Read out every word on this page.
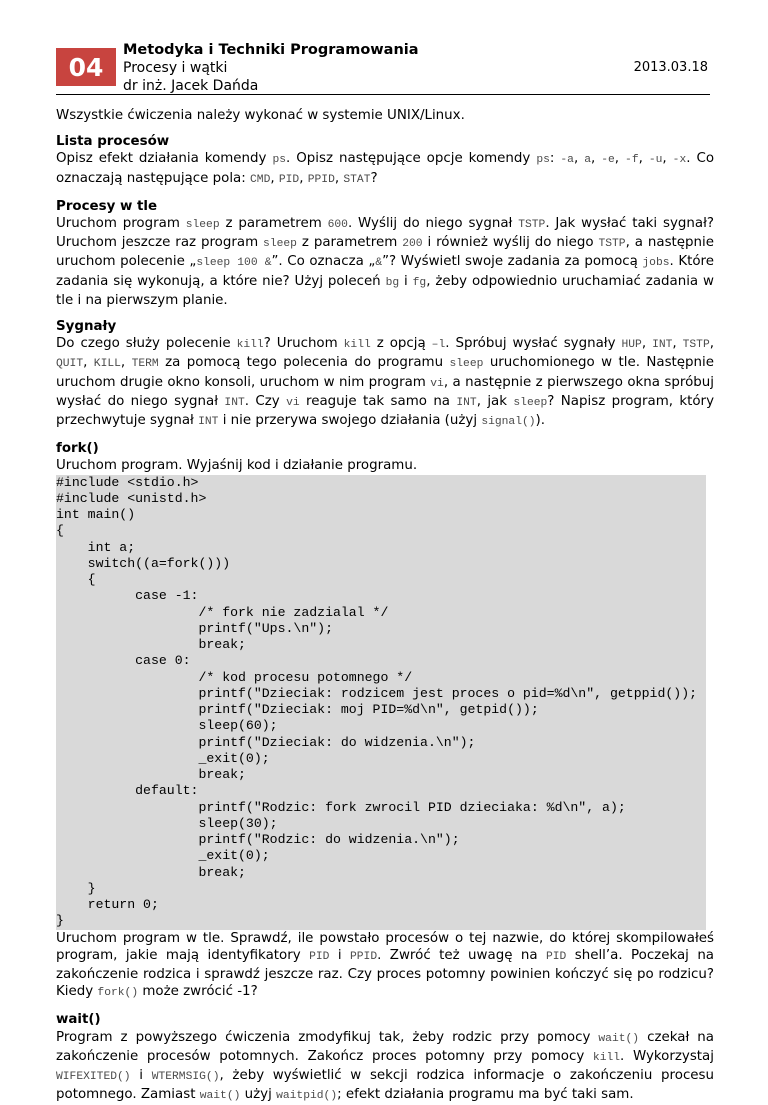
04
Metodyka i Techniki Programowania
Procesy i wątki
dr inż. Jacek Dańda
2013.03.18

Wszystkie ćwiczenia należy wykonać w systemie UNIX/Linux.

Lista procesów

Opisz efekt działania komendy ps. Opisz następujące opcje komendy ps: -a, a, -e, -f, -u, -x. Co oznaczają następujące pola: CMD, PID, PPID, STAT?

Procesy w tle

Uruchom program sleep z parametrem 600. Wyślij do niego sygnał TSTP. Jak wysłać taki sygnał? Uruchom jeszcze raz program sleep z parametrem 200 i również wyślij do niego TSTP, a następnie uruchom polecenie „sleep 100 &”. Co oznacza „&”? Wyświetl swoje zadania za pomocą jobs. Które zadania się wykonują, a które nie? Użyj poleceń bg i fg, żeby odpowiednio uruchamiać zadania w tle i na pierwszym planie.

Sygnały

Do czego służy polecenie kill? Uruchom kill z opcją –l. Spróbuj wysłać sygnały HUP, INT, TSTP, QUIT, KILL, TERM za pomocą tego polecenia do programu sleep uruchomionego w tle. Następnie uruchom drugie okno konsoli, uruchom w nim program vi, a następnie z pierwszego okna spróbuj wysłać do niego sygnał INT. Czy vi reaguje tak samo na INT, jak sleep? Napisz program, który przechwytuje sygnał INT i nie przerywa swojego działania (użyj signal()).

fork()

Uruchom program. Wyjaśnij kod i działanie programu.

#include <stdio.h>
#include <unistd.h>
int main()
{
int a;
switch((a=fork()))
{
case -1:
/* fork nie zadzialal */
printf("Ups.\n");
break;
case 0:
/* kod procesu potomnego */
printf("Dzieciak: rodzicem jest proces o pid=%d\n", getppid());
printf("Dzieciak: moj PID=%d\n", getpid());
sleep(60);
printf("Dzieciak: do widzenia.\n");
_exit(0);
break;
default:
printf("Rodzic: fork zwrocil PID dzieciaka: %d\n", a);
sleep(30);
printf("Rodzic: do widzenia.\n");
_exit(0);
break;
}
return 0;
}

Uruchom program w tle. Sprawdź, ile powstało procesów o tej nazwie, do której skompilowałeś program, jakie mają identyfikatory PID i PPID. Zwróć też uwagę na PID shell’a. Poczekaj na zakończenie rodzica i sprawdź jeszcze raz. Czy proces potomny powinien kończyć się po rodzicu? Kiedy fork() może zwrócić -1?

wait()

Program z powyższego ćwiczenia zmodyfikuj tak, żeby rodzic przy pomocy wait() czekał na zakończenie procesów potomnych. Zakończ proces potomny przy pomocy kill. Wykorzystaj WIFEXITED() i WTERMSIG(), żeby wyświetlić w sekcji rodzica informacje o zakończeniu procesu potomnego. Zamiast wait() użyj waitpid(); efekt działania programu ma być taki sam.
